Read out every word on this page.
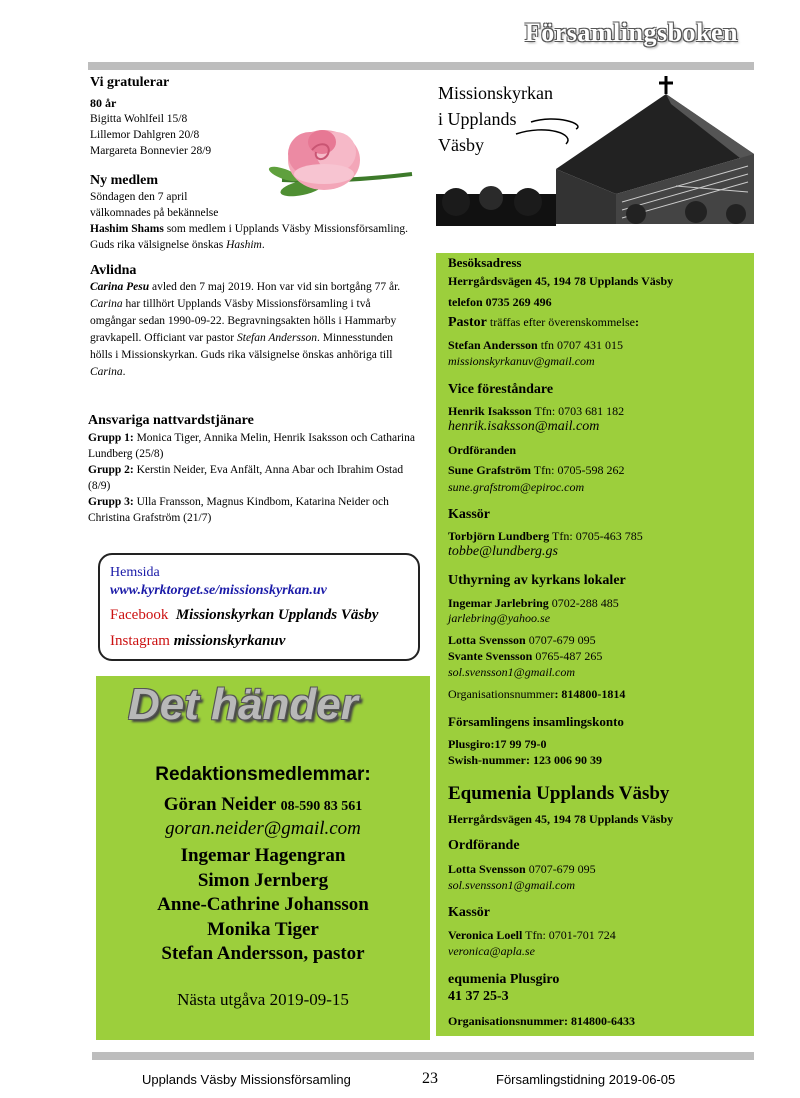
Församlingsboken
Vi gratulerar
80 år
Bigitta Wohlfeil 15/8
Lillemor Dahlgren 20/8
Margareta Bonnevier 28/9
Ny medlem
Söndagen den 7 april
välkomnades på bekännelse
Hashim Shams som medlem i Upplands Väsby Missionsförsamling. Guds rika välsignelse önskas Hashim.
Avlidna
Carina Pesu avled den 7 maj 2019. Hon var vid sin bortgång 77 år. Carina har tillhört Upplands Väsby Missionsförsamling i två omgångar sedan 1990-09-22. Begravningsakten hölls i Hammarby gravkapell. Officiant var pastor Stefan Andersson. Minnesstunden hölls i Missionskyrkan. Guds rika välsignelse önskas anhöriga till Carina.
Ansvariga nattvardstjänare
Grupp 1: Monica Tiger, Annika Melin, Henrik Isaksson och Catharina Lundberg (25/8)
Grupp 2: Kerstin Neider, Eva Anfält, Anna Abar och Ibrahim Ostad (8/9)
Grupp 3: Ulla Fransson, Magnus Kindbom, Katarina Neider och Christina Grafström (21/7)
Missionskyrkan
i Upplands
Väsby
Hemsida
www.kyrktorget.se/missionskyrkan.uv
Facebook Missionskyrkan Upplands Väsby
Instagram missionskyrkanuv
Det händer
Redaktionsmedlemmar:
Göran Neider 08-590 83 561
goran.neider@gmail.com
Ingemar Hagengran
Simon Jernberg
Anne-Cathrine Johansson
Monika Tiger
Stefan Andersson, pastor
Nästa utgåva 2019-09-15
Besöksadress
Herrgårdsvägen 45, 194 78 Upplands Väsby
telefon 0735 269 496
Pastor träffas efter överenskommelse:
Stefan Andersson tfn 0707 431 015
missionskyrkanuv@gmail.com
Vice föreståndare
Henrik Isaksson Tfn: 0703 681 182
henrik.isaksson@mail.com
Ordföranden
Sune Grafström Tfn: 0705-598 262
sune.grafstrom@epiroc.com
Kassör
Torbjörn Lundberg Tfn: 0705-463 785
tobbe@lundberg.gs
Uthyrning av kyrkans lokaler
Ingemar Jarlebring 0702-288 485
jarlebring@yahoo.se
Lotta Svensson 0707-679 095
Svante Svensson 0765-487 265
sol.svensson1@gmail.com
Organisationsnummer: 814800-1814
Församlingens insamlingskonto
Plusgiro:17 99 79-0
Swish-nummer: 123 006 90 39
Equmenia Upplands Väsby
Herrgårdsvägen 45, 194 78 Upplands Väsby
Ordförande
Lotta Svensson 0707-679 095
sol.svensson1@gmail.com
Kassör
Veronica Loell Tfn: 0701-701 724
veronica@apla.se
equmenia Plusgiro
41 37 25-3
Organisationsnummer: 814800-6433
Upplands Väsby Missionsförsamling	23	Församlingstidning 2019-06-05
